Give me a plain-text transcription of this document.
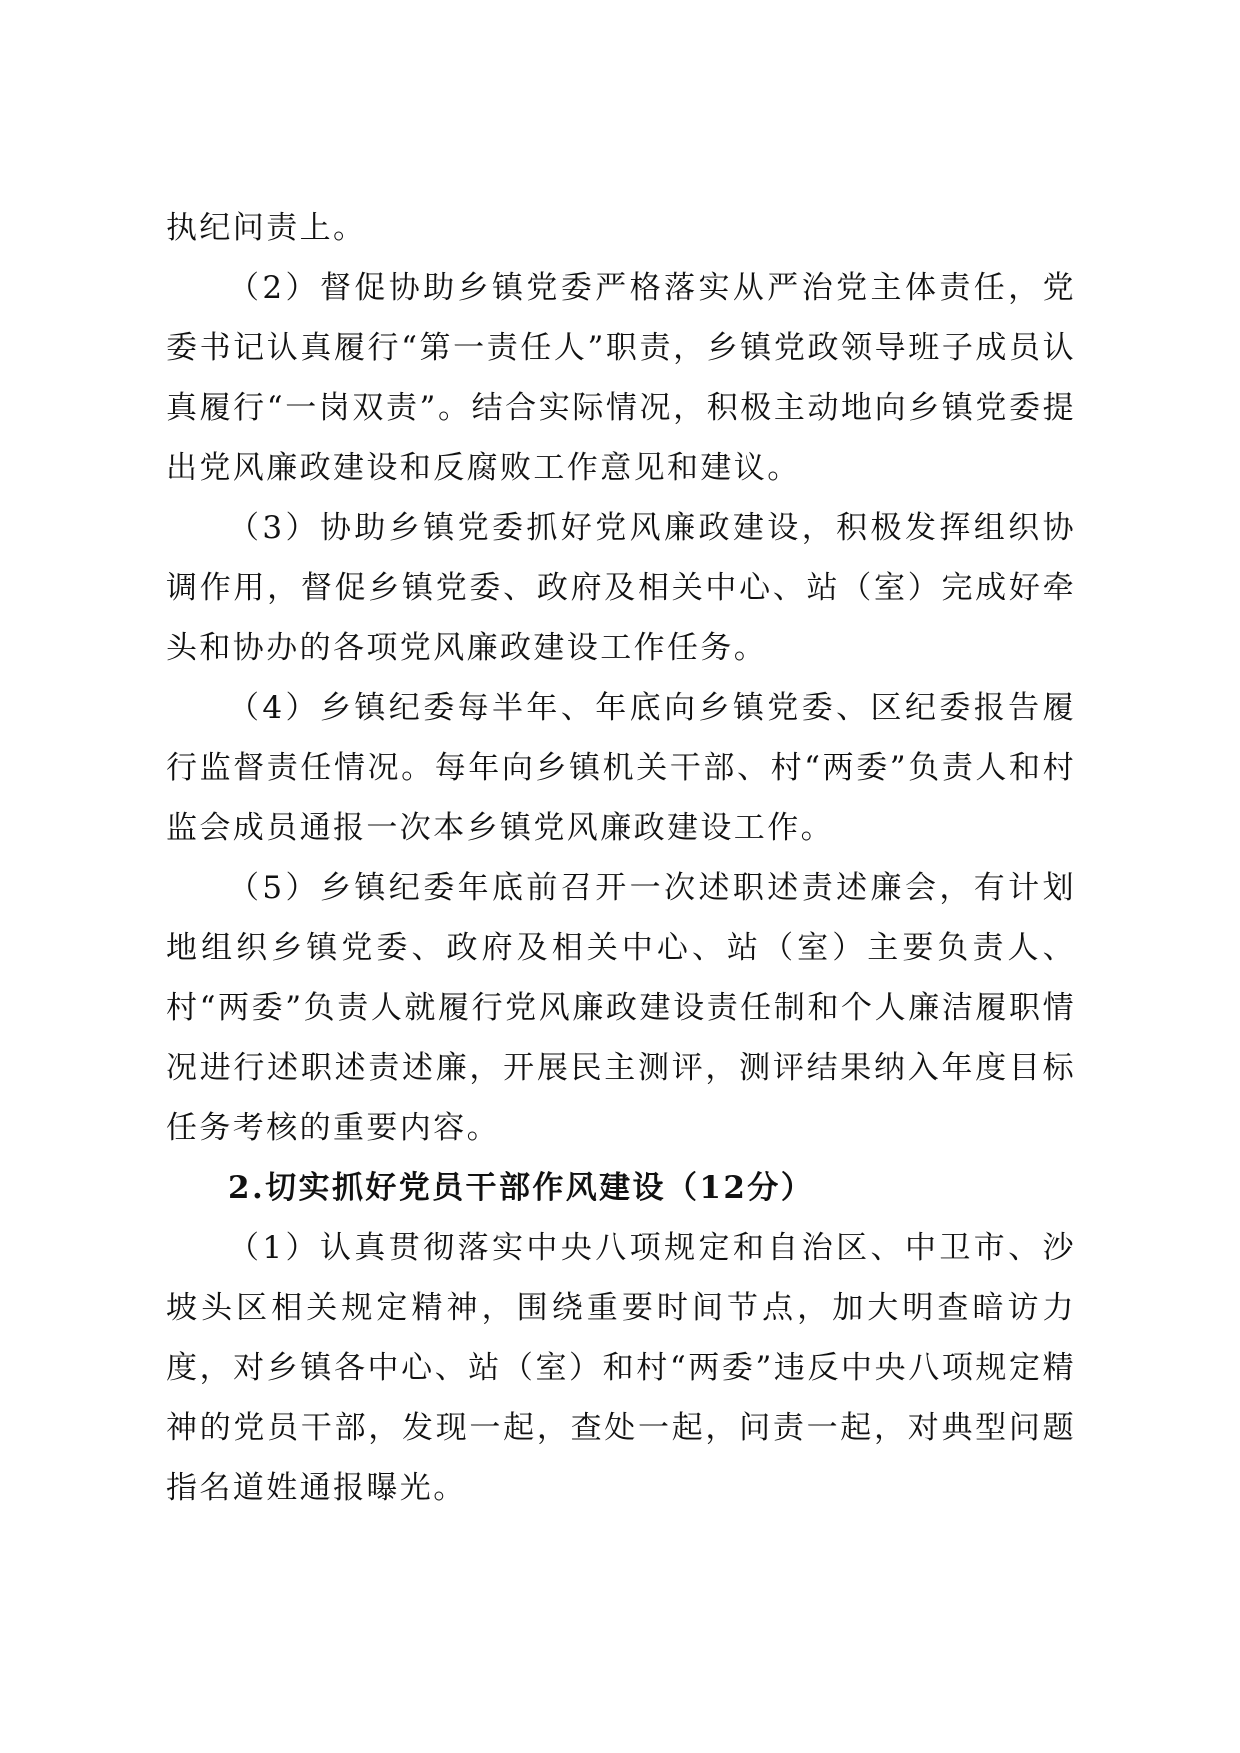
执纪问责上。

（2）督促协助乡镇党委严格落实从严治党主体责任，党委书记认真履行“第一责任人”职责，乡镇党政领导班子成员认真履行“一岗双责”。结合实际情况，积极主动地向乡镇党委提出党风廉政建设和反腐败工作意见和建议。

（3）协助乡镇党委抓好党风廉政建设，积极发挥组织协调作用，督促乡镇党委、政府及相关中心、站（室）完成好牵头和协办的各项党风廉政建设工作任务。

（4）乡镇纪委每半年、年底向乡镇党委、区纪委报告履行监督责任情况。每年向乡镇机关干部、村“两委”负责人和村监会成员通报一次本乡镇党风廉政建设工作。

（5）乡镇纪委年底前召开一次述职述责述廉会，有计划地组织乡镇党委、政府及相关中心、站（室）主要负责人、村“两委”负责人就履行党风廉政建设责任制和个人廉洁履职情况进行述职述责述廉，开展民主测评，测评结果纳入年度目标任务考核的重要内容。

2.切实抓好党员干部作风建设（12分）

（1）认真贯彻落实中央八项规定和自治区、中卫市、沙坡头区相关规定精神，围绕重要时间节点，加大明查暗访力度，对乡镇各中心、站（室）和村“两委”违反中央八项规定精神的党员干部，发现一起，查处一起，问责一起，对典型问题指名道姓通报曝光。
